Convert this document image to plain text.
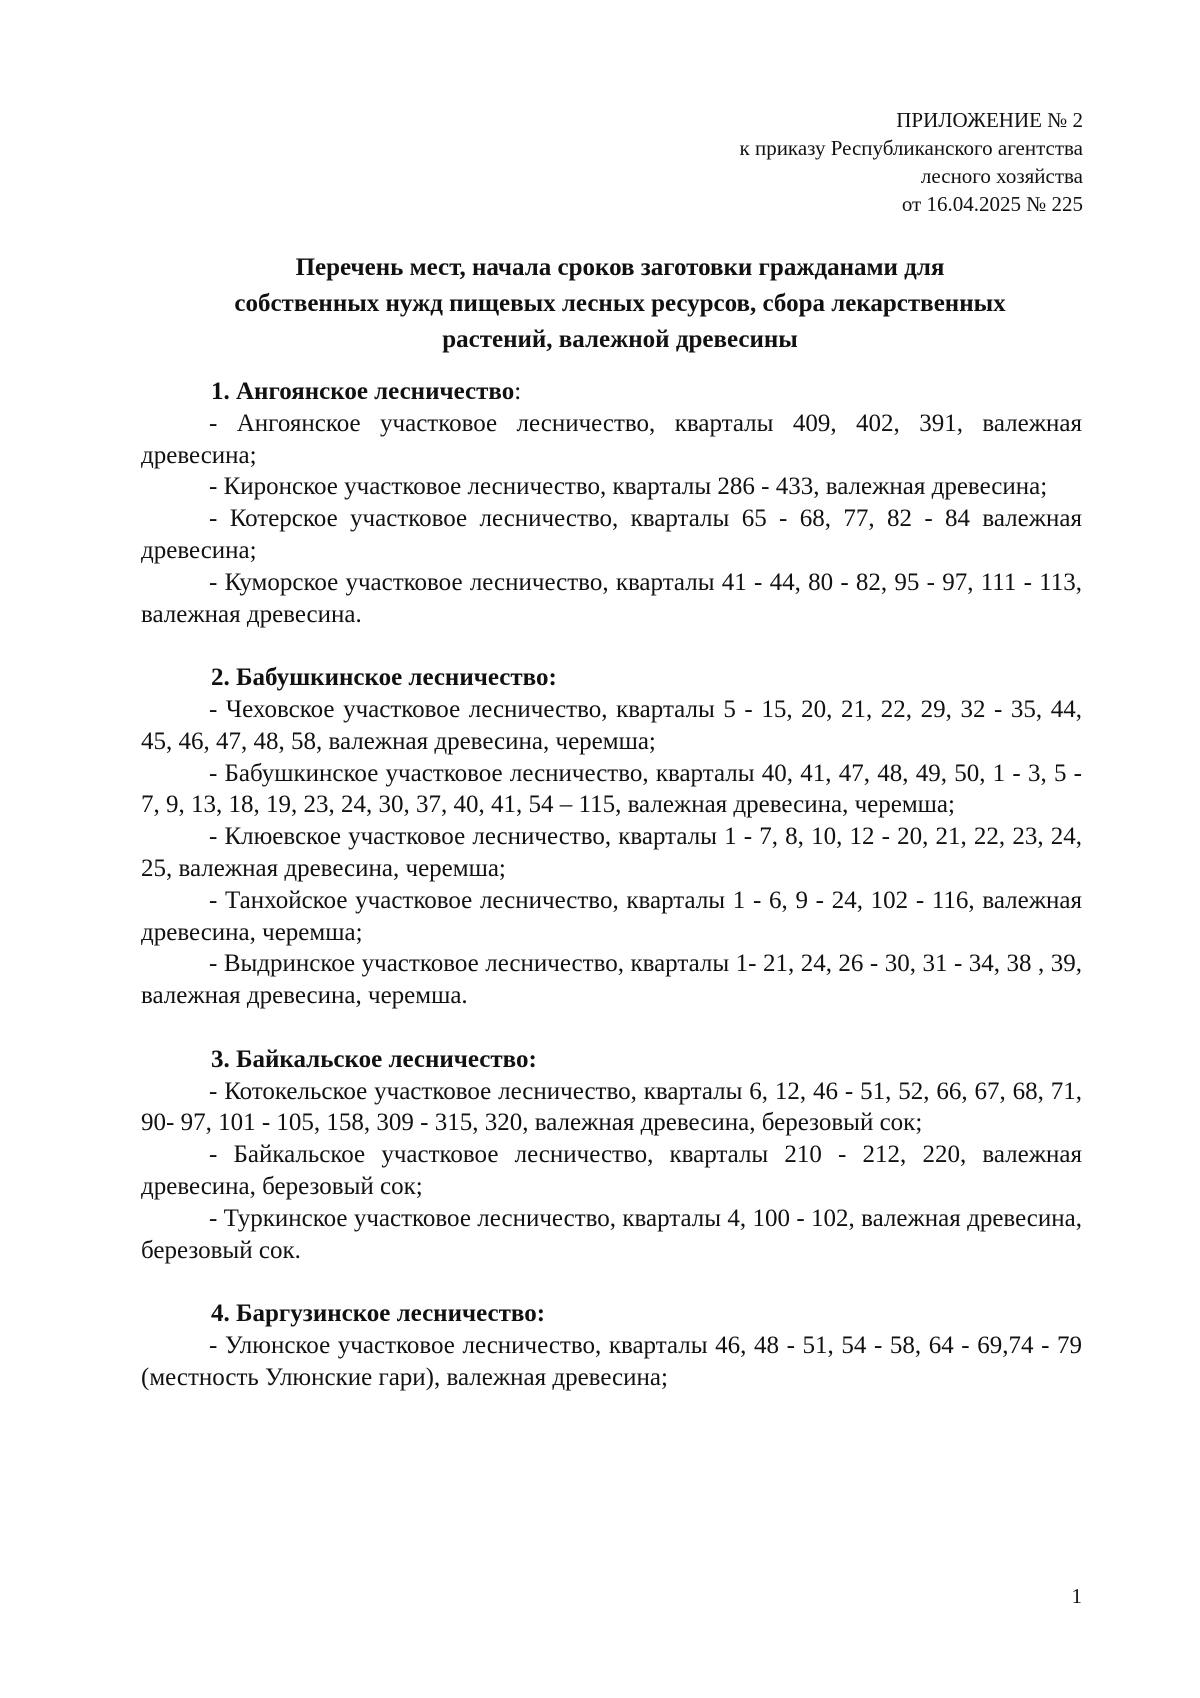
ПРИЛОЖЕНИЕ № 2
к приказу Республиканского агентства
лесного хозяйства
от 16.04.2025 № 225
Перечень мест, начала сроков заготовки гражданами для
собственных нужд пищевых лесных ресурсов, сбора лекарственных
растений, валежной древесины
1. Ангоянское лесничество:

- Ангоянское участковое лесничество, кварталы 409, 402, 391, валежная древесина;

- Киронское участковое лесничество, кварталы 286 - 433, валежная древесина;

- Котерское участковое лесничество, кварталы 65 - 68, 77, 82 - 84 валежная древесина;

- Куморское участковое лесничество, кварталы 41 - 44, 80 - 82, 95 - 97, 111 - 113, валежная древесина.

2. Бабушкинское лесничество:

- Чеховское участковое лесничество, кварталы 5 - 15, 20, 21, 22, 29, 32 - 35, 44, 45, 46, 47, 48, 58, валежная древесина, черемша;

- Бабушкинское участковое лесничество, кварталы 40, 41, 47, 48, 49, 50, 1 - 3, 5 - 7, 9, 13, 18, 19, 23, 24, 30, 37, 40, 41, 54 – 115, валежная древесина, черемша;

- Клюевское участковое лесничество, кварталы 1 - 7, 8, 10, 12 - 20, 21, 22, 23, 24, 25, валежная древесина, черемша;

- Танхойское участковое лесничество, кварталы 1 - 6, 9 - 24, 102 - 116, валежная древесина, черемша;

- Выдринское участковое лесничество, кварталы 1- 21, 24, 26 - 30, 31 - 34, 38 , 39, валежная древесина, черемша.

3. Байкальское лесничество:

- Котокельское участковое лесничество, кварталы 6, 12, 46 - 51, 52, 66, 67, 68, 71, 90- 97, 101 - 105, 158, 309 - 315, 320, валежная древесина, березовый сок;

- Байкальское участковое лесничество, кварталы 210 - 212, 220, валежная древесина, березовый сок;

- Туркинское участковое лесничество, кварталы 4, 100 - 102, валежная древесина, березовый сок.

4. Баргузинское лесничество:

- Улюнское участковое лесничество, кварталы 46, 48 - 51, 54 - 58, 64 - 69,74 - 79 (местность Улюнские гари), валежная древесина;

1
